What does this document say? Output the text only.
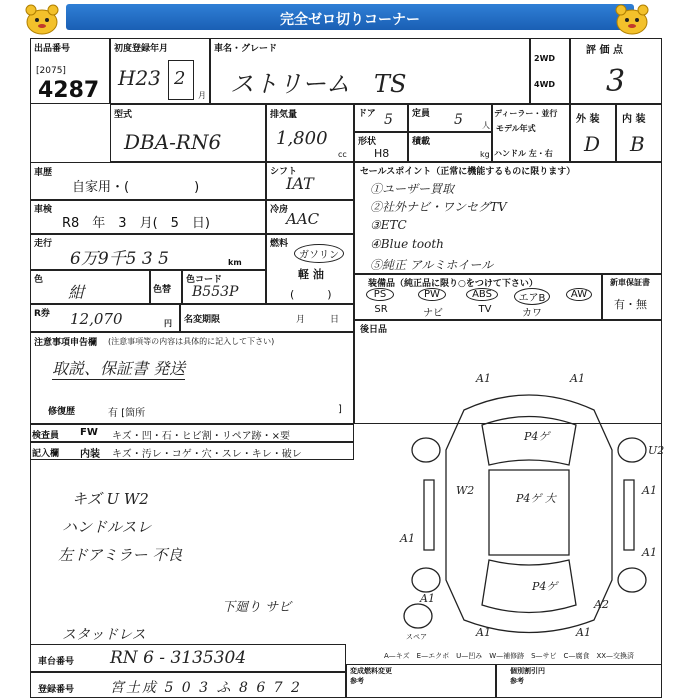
完全ゼロ切りコーナー
出品番号
[2075]
4287
初度登録年月
H23 2
月
車名・グレード
ストリーム　TS
2WD
4WD
評 価 点
3
型式
DBA-RN6
排気量
1,800
cc
ドア 5 定員 5 人
形状
H8
積載
kg
ディーラー・並行
モデル年式
ハンドル 左・右
外 装
D
内 装
B
車歴
自家用・(　　　　　)
シフト
IAT
車検
R8　年　3　月(　5　日)
冷房
AAC
走行
6万9千5 3 5	km
燃料
ガソリン
軽 油
(　　　)
色
紺	色替
色コード
B553P
R券 12,070	円 名変期限	月	日
注意事項申告欄 (注意事項等の内容は具体的に記入して下さい)
取説、保証書 発送
修復歴	有 [箇所	]
セールスポイント（正常に機能するものに限ります）
①ユーザー買取
②社外ナビ・ワンセグTV
③ETC
④Blue tooth
⑤純正 アルミホイール
装備品（純正品に限り○をつけて下さい）
PS	PW	ABS	エアB	AW
SR	ナビ	TV	カワ
新車保証書
有・無
後日品
検査員 FW キズ・凹・石・ヒビ割・リペア跡・×要
記入欄 内装 キズ・汚レ・コゲ・穴・スレ・キレ・破レ
キズ U W2
ハンドルスレ
左ドアミラー 不良
下廻り サビ
スタッドレス
A1	A1
P4ゲ
U2
W2
P4ゲ 大
A1
A1
P4ゲ
A1
A1	A2
A1	A1
スペア
A—キズ　E—エクボ　U—凹み　W—補修跡　S—サビ　C—腐食　XX—交換済
車台番号 RN 6 - 3135304
登録番号	宮土成 5 0 3 ふ 8 6 7 2
変成燃料変更
参考
個別割引円
参考
